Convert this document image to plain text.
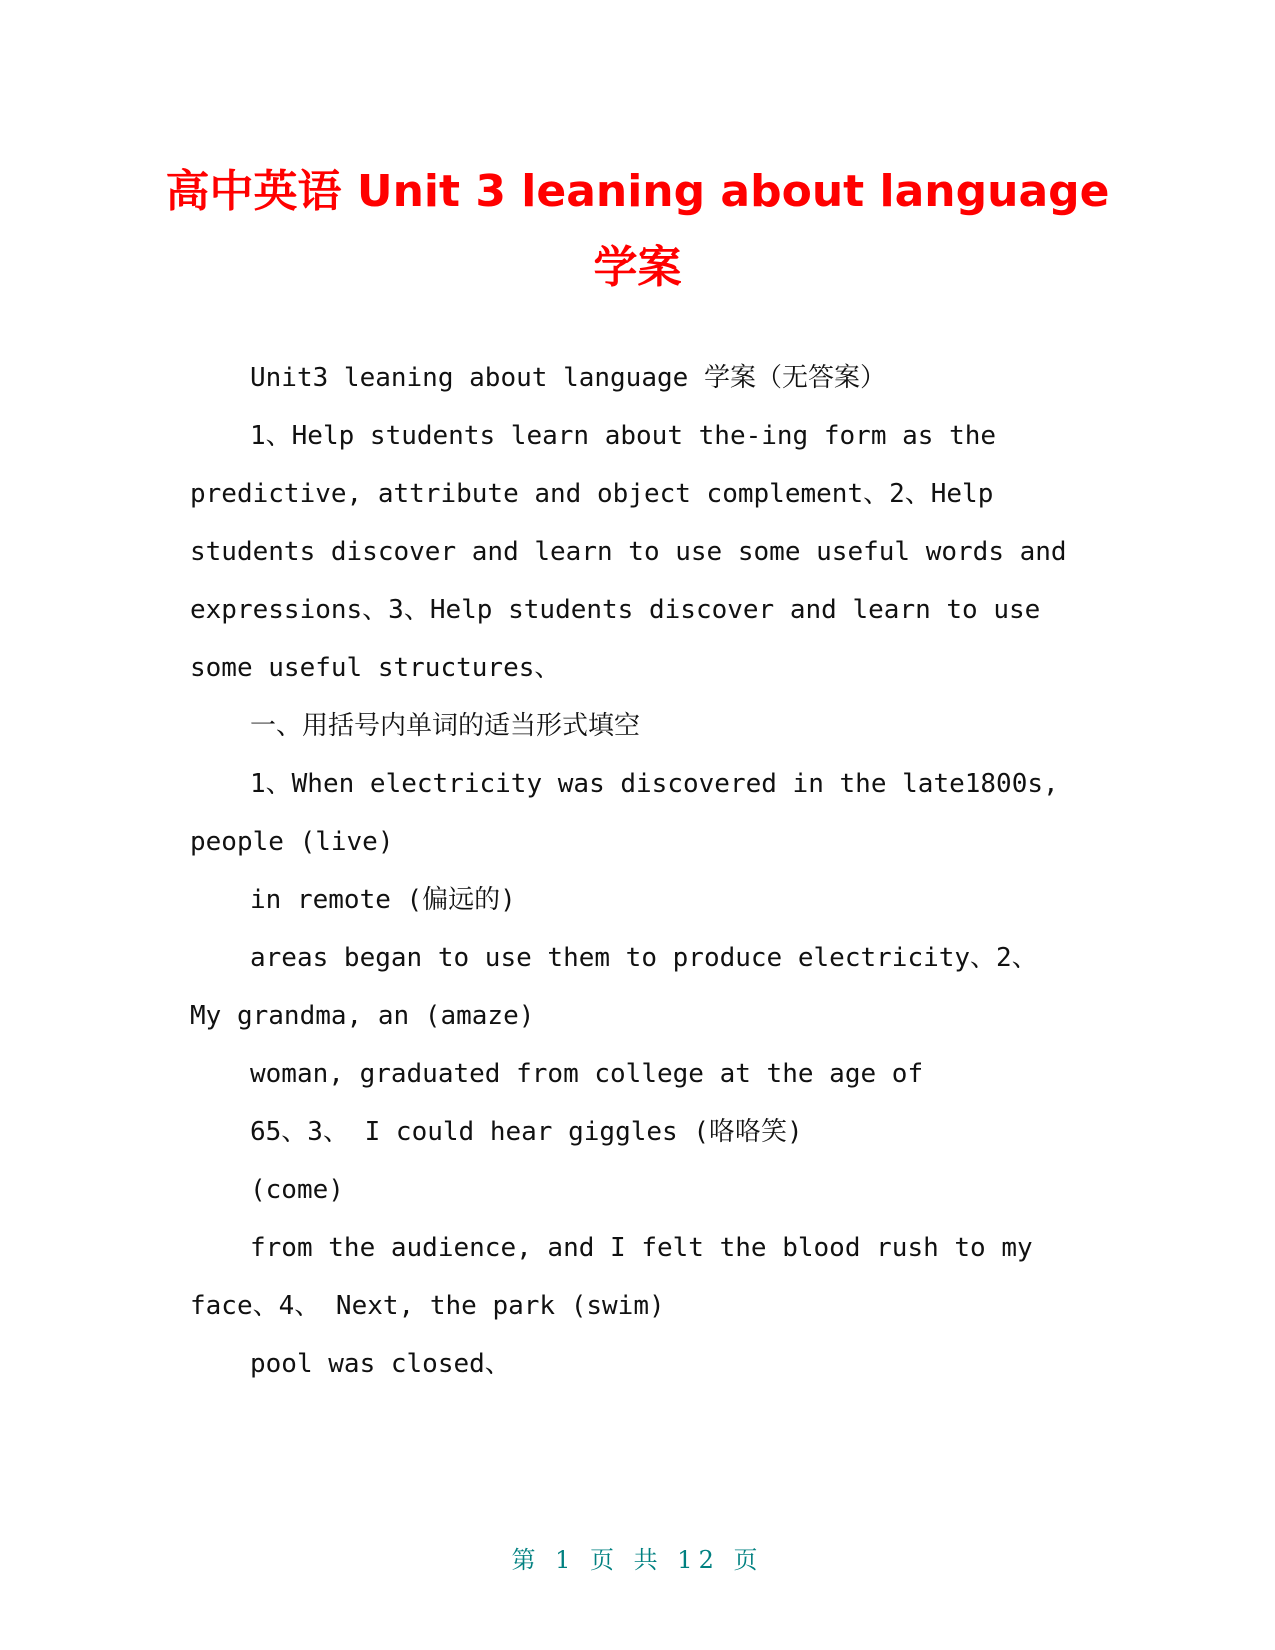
高中英语 Unit 3 leaning about language
学案

Unit3 leaning about language 学案（无答案）

1、Help students learn about the-ing form as the

predictive, attribute and object complement、2、Help

students discover and learn to use some useful words and

expressions、3、Help students discover and learn to use

some useful structures、

一、用括号内单词的适当形式填空

1、When electricity was discovered in the late1800s,

people (live)

in remote (偏远的)

areas began to use them to produce electricity、2、

My grandma, an (amaze)

woman, graduated from college at the age of

65、3、 I could hear giggles (咯咯笑)

(come)

from the audience, and I felt the blood rush to my

face、4、 Next, the park (swim)

pool was closed、

第 1 页 共 12 页
